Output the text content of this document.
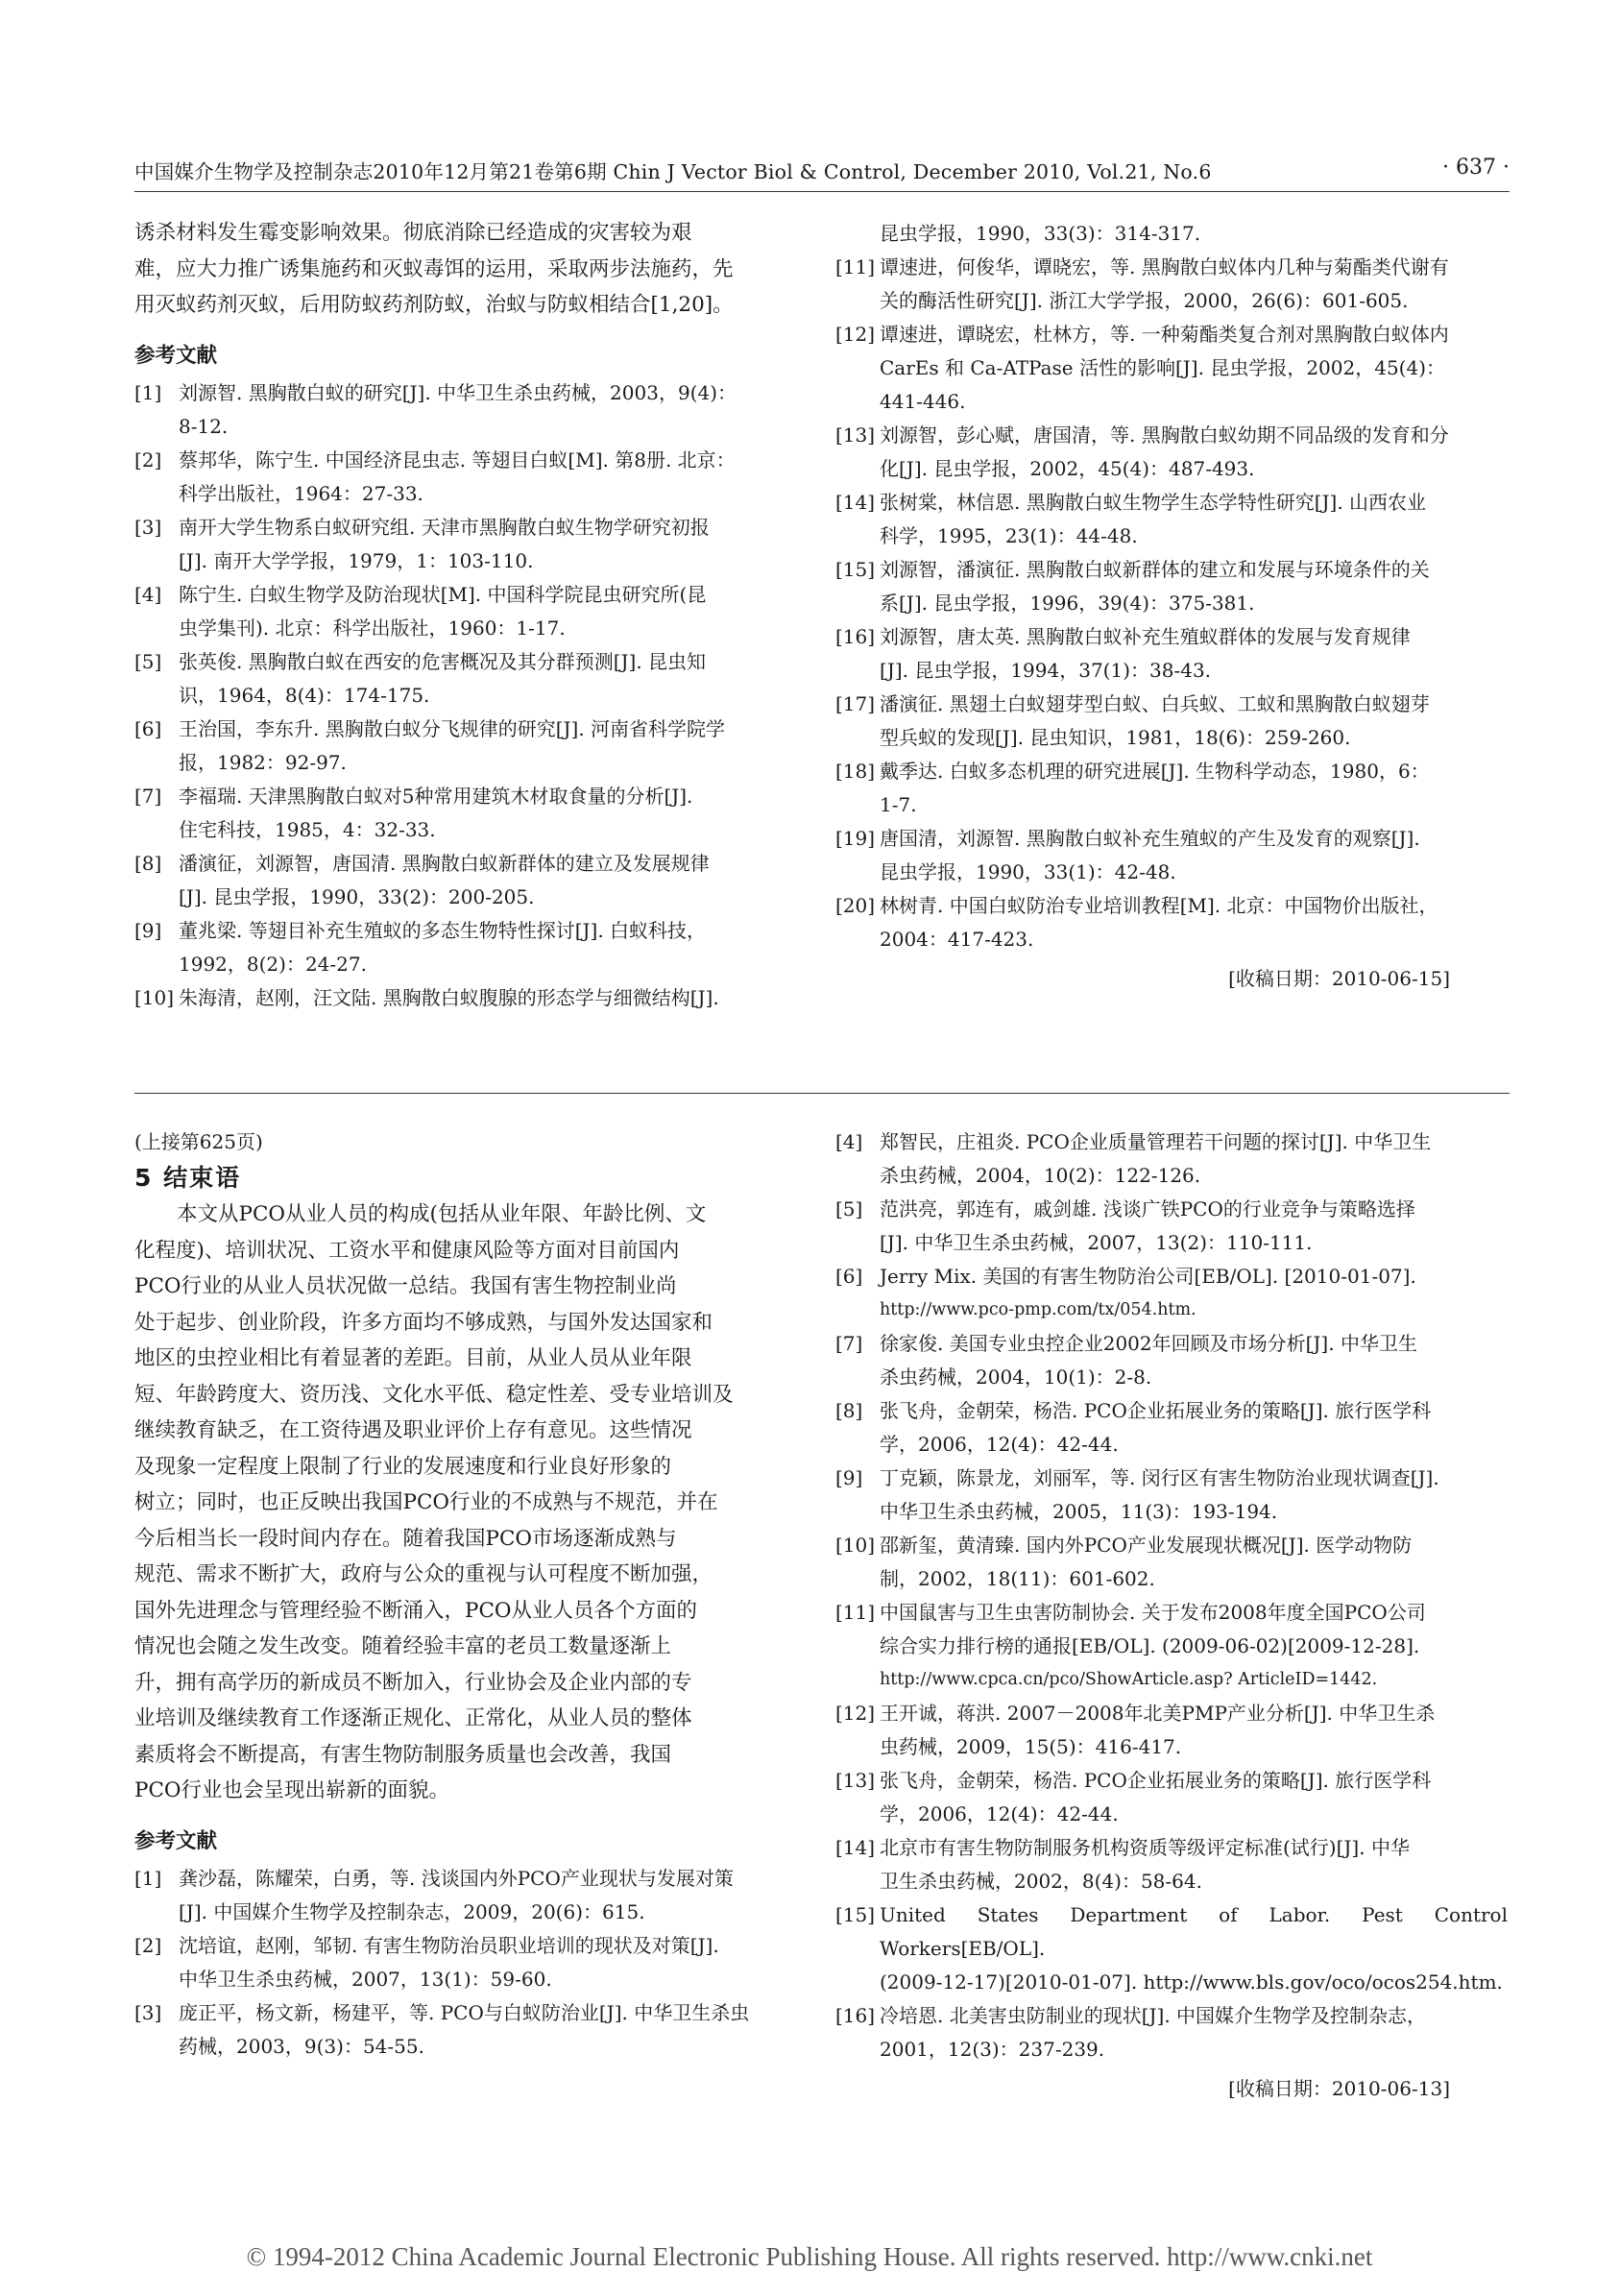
中国媒介生物学及控制杂志2010年12月第21卷第6期 Chin J Vector Biol & Control, December 2010, Vol.21, No.6	· 637 ·
诱杀材料发生霉变影响效果。彻底消除已经造成的灾害较为艰
难，应大力推广诱集施药和灭蚁毒饵的运用，采取两步法施药，先
用灭蚁药剂灭蚁，后用防蚁药剂防蚁，治蚁与防蚁相结合[1,20]。
参考文献
[1] 刘源智. 黑胸散白蚁的研究[J]. 中华卫生杀虫药械，2003，9(4)：
8-12.
[2] 蔡邦华，陈宁生. 中国经济昆虫志. 等翅目白蚁[M]. 第8册. 北京：
科学出版社，1964：27-33.
[3] 南开大学生物系白蚁研究组. 天津市黑胸散白蚁生物学研究初报
[J]. 南开大学学报，1979，1：103-110.
[4] 陈宁生. 白蚁生物学及防治现状[M]. 中国科学院昆虫研究所(昆
虫学集刊). 北京：科学出版社，1960：1-17.
[5] 张英俊. 黑胸散白蚁在西安的危害概况及其分群预测[J]. 昆虫知
识，1964，8(4)：174-175.
[6] 王治国，李东升. 黑胸散白蚁分飞规律的研究[J]. 河南省科学院学
报，1982：92-97.
[7] 李福瑞. 天津黑胸散白蚁对5种常用建筑木材取食量的分析[J].
住宅科技，1985，4：32-33.
[8] 潘演征，刘源智，唐国清. 黑胸散白蚁新群体的建立及发展规律
[J]. 昆虫学报，1990，33(2)：200-205.
[9] 董兆梁. 等翅目补充生殖蚁的多态生物特性探讨[J]. 白蚁科技，
1992，8(2)：24-27.
[10] 朱海清，赵刚，汪文陆. 黑胸散白蚁腹腺的形态学与细微结构[J].
昆虫学报，1990，33(3)：314-317.
[11] 谭速进，何俊华，谭晓宏，等. 黑胸散白蚁体内几种与菊酯类代谢有
关的酶活性研究[J]. 浙江大学学报，2000，26(6)：601-605.
[12] 谭速进，谭晓宏，杜林方，等. 一种菊酯类复合剂对黑胸散白蚁体内
CarEs 和 Ca-ATPase 活性的影响[J]. 昆虫学报，2002，45(4)：
441-446.
[13] 刘源智，彭心赋，唐国清，等. 黑胸散白蚁幼期不同品级的发育和分
化[J]. 昆虫学报，2002，45(4)：487-493.
[14] 张树棠，林信恩. 黑胸散白蚁生物学生态学特性研究[J]. 山西农业
科学，1995，23(1)：44-48.
[15] 刘源智，潘演征. 黑胸散白蚁新群体的建立和发展与环境条件的关
系[J]. 昆虫学报，1996，39(4)：375-381.
[16] 刘源智，唐太英. 黑胸散白蚁补充生殖蚁群体的发展与发育规律
[J]. 昆虫学报，1994，37(1)：38-43.
[17] 潘演征. 黑翅土白蚁翅芽型白蚁、白兵蚁、工蚁和黑胸散白蚁翅芽
型兵蚁的发现[J]. 昆虫知识，1981，18(6)：259-260.
[18] 戴季达. 白蚁多态机理的研究进展[J]. 生物科学动态，1980，6：
1-7.
[19] 唐国清，刘源智. 黑胸散白蚁补充生殖蚁的产生及发育的观察[J].
昆虫学报，1990，33(1)：42-48.
[20] 林树青. 中国白蚁防治专业培训教程[M]. 北京：中国物价出版社，
2004：417-423.
[收稿日期：2010-06-15]
(上接第625页)
5 结束语
本文从PCO从业人员的构成(包括从业年限、年龄比例、文
化程度)、培训状况、工资水平和健康风险等方面对目前国内
PCO行业的从业人员状况做一总结。我国有害生物控制业尚
处于起步、创业阶段，许多方面均不够成熟，与国外发达国家和
地区的虫控业相比有着显著的差距。目前，从业人员从业年限
短、年龄跨度大、资历浅、文化水平低、稳定性差、受专业培训及
继续教育缺乏，在工资待遇及职业评价上存有意见。这些情况
及现象一定程度上限制了行业的发展速度和行业良好形象的
树立；同时，也正反映出我国PCO行业的不成熟与不规范，并在
今后相当长一段时间内存在。随着我国PCO市场逐渐成熟与
规范、需求不断扩大，政府与公众的重视与认可程度不断加强，
国外先进理念与管理经验不断涌入，PCO从业人员各个方面的
情况也会随之发生改变。随着经验丰富的老员工数量逐渐上
升，拥有高学历的新成员不断加入，行业协会及企业内部的专
业培训及继续教育工作逐渐正规化、正常化，从业人员的整体
素质将会不断提高，有害生物防制服务质量也会改善，我国
PCO行业也会呈现出崭新的面貌。
参考文献
[1] 龚沙磊，陈耀荣，白勇，等. 浅谈国内外PCO产业现状与发展对策
[J]. 中国媒介生物学及控制杂志，2009，20(6)：615.
[2] 沈培谊，赵刚，邹韧. 有害生物防治员职业培训的现状及对策[J].
中华卫生杀虫药械，2007，13(1)：59-60.
[3] 庞正平，杨文新，杨建平，等. PCO与白蚁防治业[J]. 中华卫生杀虫
药械，2003，9(3)：54-55.
[4] 郑智民，庄祖炎. PCO企业质量管理若干问题的探讨[J]. 中华卫生
杀虫药械，2004，10(2)：122-126.
[5] 范洪亮，郭连有，戚剑雄. 浅谈广铁PCO的行业竞争与策略选择
[J]. 中华卫生杀虫药械，2007，13(2)：110-111.
[6] Jerry Mix. 美国的有害生物防治公司[EB/OL]. [2010-01-07].
http://www.pco-pmp.com/tx/054.htm.
[7] 徐家俊. 美国专业虫控企业2002年回顾及市场分析[J]. 中华卫生
杀虫药械，2004，10(1)：2-8.
[8] 张飞舟，金朝荣，杨浩. PCO企业拓展业务的策略[J]. 旅行医学科
学，2006，12(4)：42-44.
[9] 丁克颖，陈景龙，刘丽军，等. 闵行区有害生物防治业现状调查[J].
中华卫生杀虫药械，2005，11(3)：193-194.
[10] 邵新玺，黄清臻. 国内外PCO产业发展现状概况[J]. 医学动物防
制，2002，18(11)：601-602.
[11] 中国鼠害与卫生虫害防制协会. 关于发布2008年度全国PCO公司
综合实力排行榜的通报[EB/OL]. (2009-06-02)[2009-12-28].
http://www.cpca.cn/pco/ShowArticle.asp? ArticleID=1442.
[12] 王开诚，蒋洪. 2007－2008年北美PMP产业分析[J]. 中华卫生杀
虫药械，2009，15(5)：416-417.
[13] 张飞舟，金朝荣，杨浩. PCO企业拓展业务的策略[J]. 旅行医学科
学，2006，12(4)：42-44.
[14] 北京市有害生物防制服务机构资质等级评定标准(试行)[J]. 中华
卫生杀虫药械，2002，8(4)：58-64.
[15] United States Department of Labor. Pest Control Workers[EB/OL].
(2009-12-17)[2010-01-07]. http://www.bls.gov/oco/ocos254.htm.
[16] 冷培恩. 北美害虫防制业的现状[J]. 中国媒介生物学及控制杂志，
2001，12(3)：237-239.
[收稿日期：2010-06-13]
© 1994-2012 China Academic Journal Electronic Publishing House. All rights reserved. http://www.cnki.net
